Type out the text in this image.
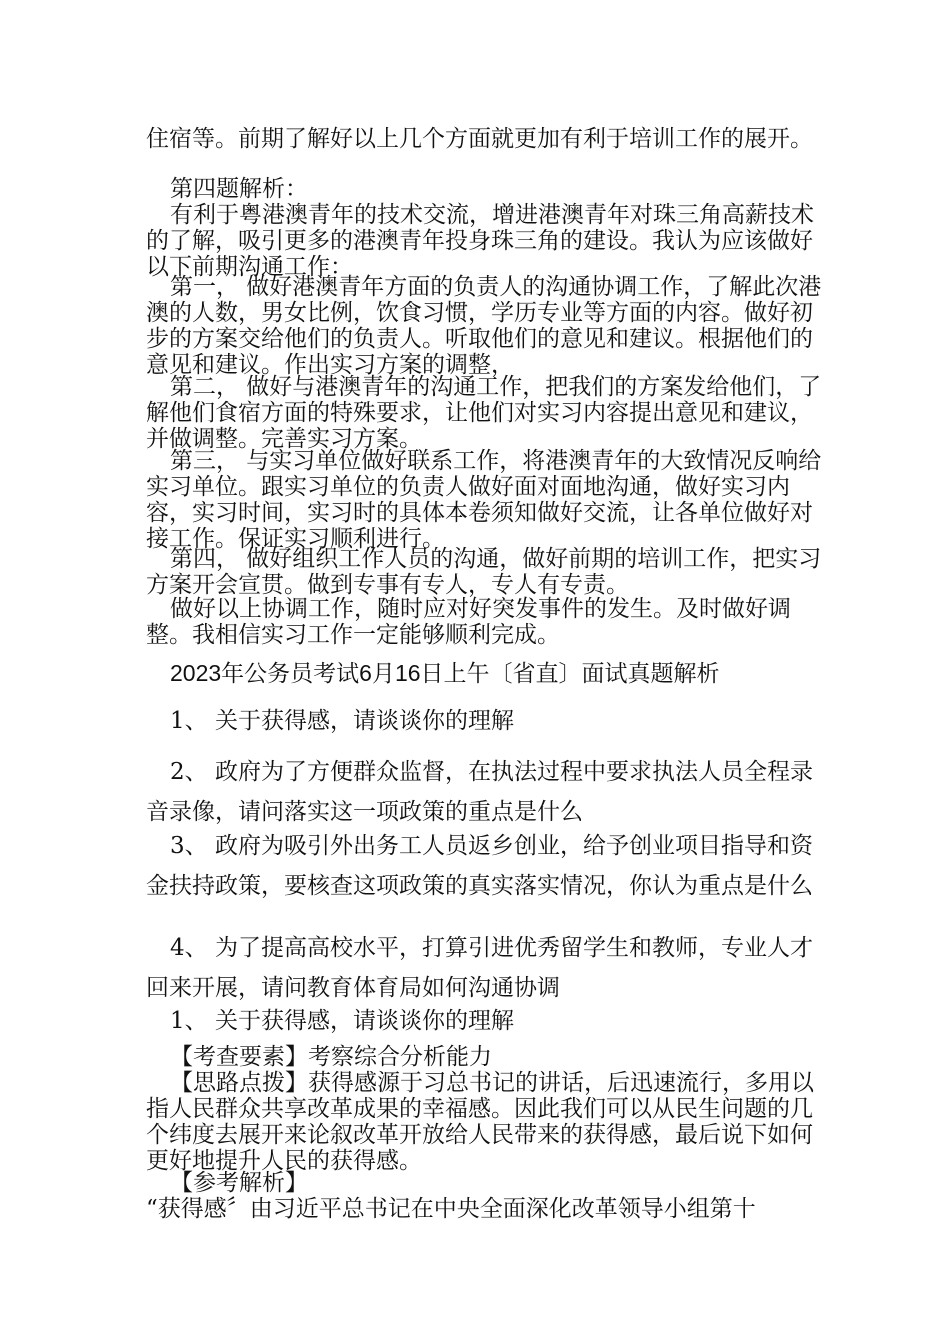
住宿等。前期了解好以上几个方面就更加有利于培训工作的展开。

第四题解析：

有利于粤港澳青年的技术交流，增进港澳青年对珠三角高薪技术的了解，吸引更多的港澳青年投身珠三角的建设。我认为应该做好以下前期沟通工作：

第一， 做好港澳青年方面的负责人的沟通协调工作，了解此次港澳的人数，男女比例，饮食习惯，学历专业等方面的内容。做好初步的方案交给他们的负责人。听取他们的意见和建议。根据他们的意见和建议。作出实习方案的调整，

第二， 做好与港澳青年的沟通工作，把我们的方案发给他们，了解他们食宿方面的特殊要求，让他们对实习内容提出意见和建议，并做调整。完善实习方案。

第三， 与实习单位做好联系工作，将港澳青年的大致情况反响给实习单位。跟实习单位的负责人做好面对面地沟通，做好实习内容，实习时间，实习时的具体本卷须知做好交流，让各单位做好对接工作。保证实习顺利进行。

第四， 做好组织工作人员的沟通，做好前期的培训工作，把实习方案开会宣贯。做到专事有专人，专人有专责。

做好以上协调工作，随时应对好突发事件的发生。及时做好调整。我相信实习工作一定能够顺利完成。

2023年公务员考试6月16日上午〔省直〕面试真题解析

1、 关于获得感，请谈谈你的理解

2、 政府为了方便群众监督，在执法过程中要求执法人员全程录音录像，请问落实这一项政策的重点是什么

3、 政府为吸引外出务工人员返乡创业，给予创业项目指导和资金扶持政策，要核查这项政策的真实落实情况，你认为重点是什么

4、 为了提高高校水平，打算引进优秀留学生和教师，专业人才回来开展，请问教育体育局如何沟通协调

1、 关于获得感，请谈谈你的理解

【考查要素】考察综合分析能力

【思路点拨】获得感源于习总书记的讲话，后迅速流行，多用以指人民群众共享改革成果的幸福感。因此我们可以从民生问题的几个纬度去展开来论叙改革开放给人民带来的获得感，最后说下如何更好地提升人民的获得感。

【参考解析】

“获得感〞由习近平总书记在中央全面深化改革领导小组第十
